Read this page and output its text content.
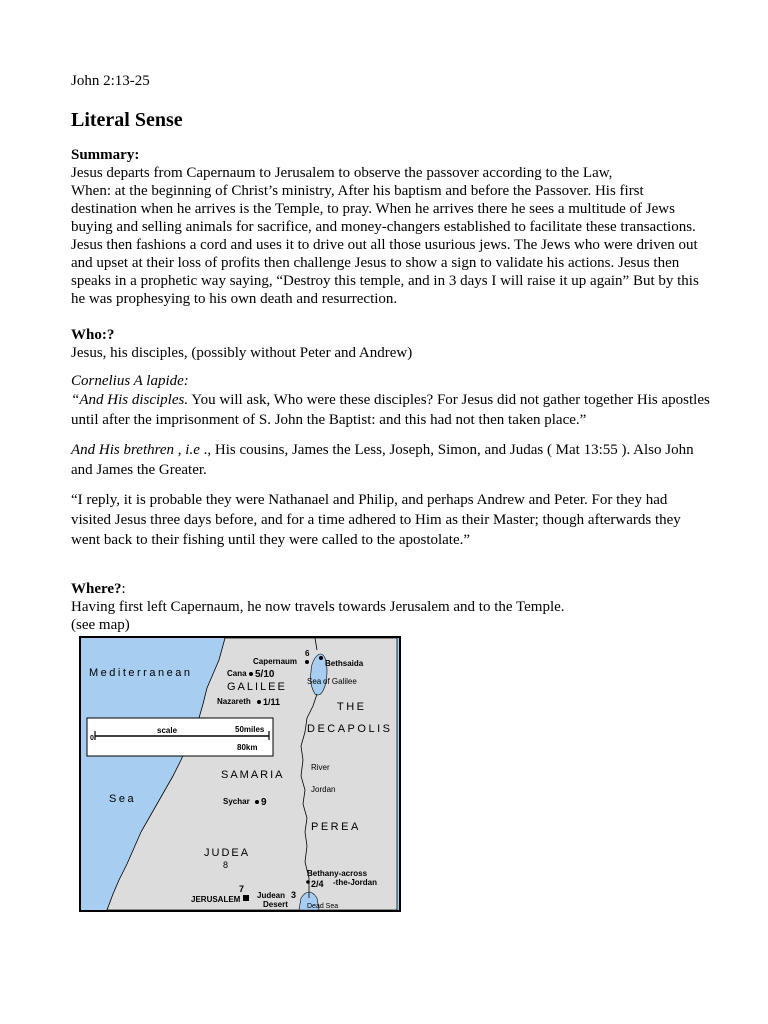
John 2:13-25

Literal Sense

Summary:

Jesus departs from Capernaum to Jerusalem to observe the passover according to the Law,

When: at the beginning of Christ’s ministry, After his baptism and before the Passover. His first destination when he arrives is the Temple, to pray. When he arrives there he sees a multitude of Jews buying and selling animals for sacrifice, and money-changers established to facilitate these transactions. Jesus then fashions a cord and uses it to drive out all those usurious jews. The Jews who were driven out and upset at their loss of profits then challenge Jesus to show a sign to validate his actions. Jesus then speaks in a prophetic way saying, “Destroy this temple, and in 3 days I will raise it up again” But by this he was prophesying to his own death and resurrection.

Who:?

Jesus, his disciples, (possibly without Peter and Andrew)

Cornelius A lapide:

“And His disciples. You will ask, Who were these disciples? For Jesus did not gather together His apostles until after the imprisonment of S. John the Baptist: and this had not then taken place.”

And His brethren , i.e ., His cousins, James the Less, Joseph, Simon, and Judas ( Mat 13:55 ). Also John and James the Greater.

“I reply, it is probable they were Nathanael and Philip, and perhaps Andrew and Peter. For they had visited Jesus three days before, and for a time adhered to Him as their Master; though afterwards they went back to their fishing until they were called to the apostolate.”

Where?:

Having first left Capernaum, he now travels towards Jerusalem and to the Temple.

(see map)

0
scale	50miles
80km
Mediterranean
Sea
GALILEE
SAMARIA
JUDEA
8
THE
DECAPOLIS
PEREA
River
Jordan
6
Capernaum	Bethsaida
Sea of Galilee
Cana 5/10
Nazareth 1/11
Sychar 9
7
JERUSALEM Judean 3
Desert	Dead Sea
Bethany-across
2/4 -the-Jordan
